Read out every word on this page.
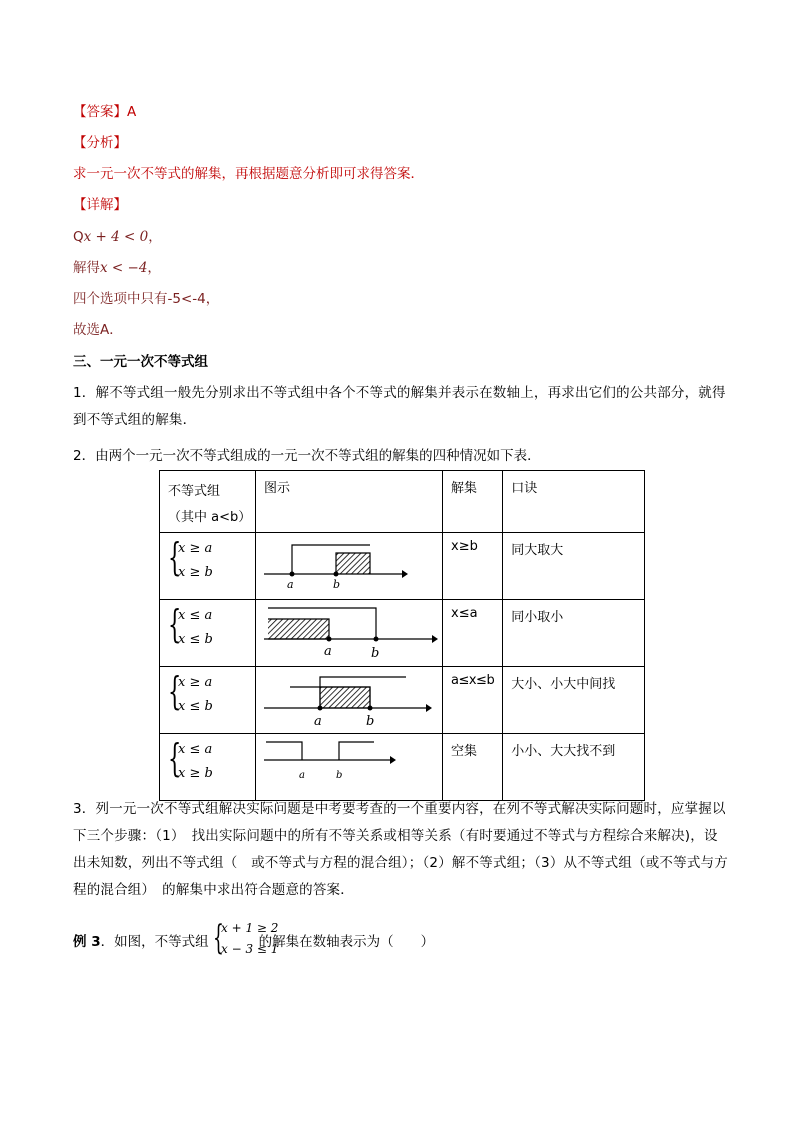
【答案】A
【分析】
求一元一次不等式的解集，再根据题意分析即可求得答案．
【详解】
Qx + 4 < 0，
解得x < −4，
四个选项中只有-5<-4，
故选A．
三、一元一次不等式组
1．解不等式组一般先分别求出不等式组中各个不等式的解集并表示在数轴上，再求出它们的公共部分，就得到不等式组的解集．
2．由两个一元一次不等式组成的一元一次不等式组的解集的四种情况如下表．
不等式组
（其中 a<b）	图示	解集	口诀

{
x ≥ a
x ≥ b	a b	x≥b	同大取大

{
x ≤ a
x ≤ b	a b	x≤a	同小取小

{
x ≥ a
x ≤ b	a b	a≤x≤b	大小、小大中间找

{
x ≤ a
x ≥ b	a b	空集	小小、大大找不到
3．列一元一次不等式组解决实际问题是中考要考查的一个重要内容，在列不等式解决实际问题时，应掌握以下三个步骤：（1）　找出实际问题中的所有不等关系或相等关系（有时要通过不等式与方程综合来解决)，设出未知数，列出不等式组（　或不等式与方程的混合组）；（2）解不等式组；（3）从不等式组（或不等式与方程的混合组）　的解集中求出符合题意的答案．
例 3．如图，不等式组	的解集在数轴表示为（　　）
{
x + 1 ≥ 2
x − 3 ≤ 1
